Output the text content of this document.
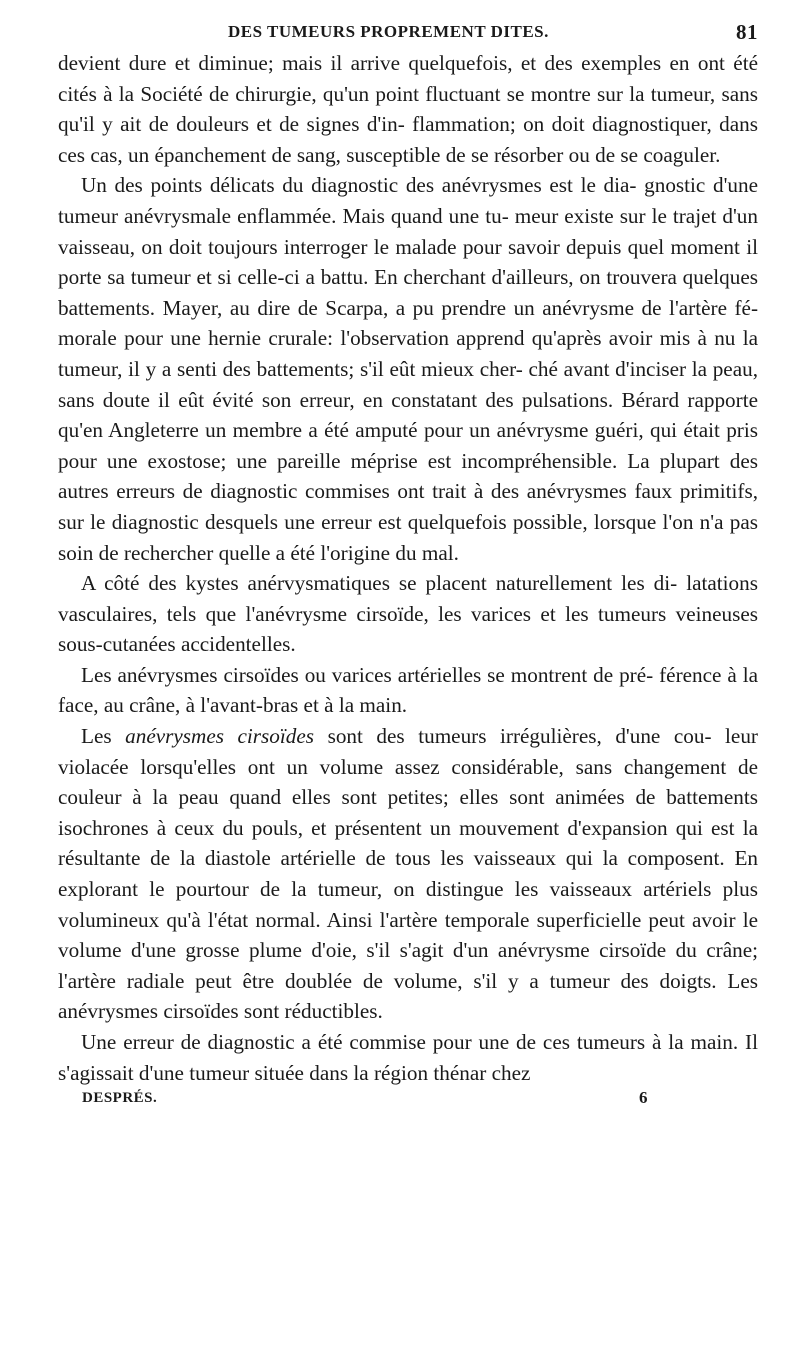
DES TUMEURS PROPREMENT DITES.	81

devient dure et diminue; mais il arrive quelquefois, et des exemples en ont été cités à la Société de chirurgie, qu'un point fluctuant se montre sur la tumeur, sans qu'il y ait de douleurs et de signes d'in- flammation; on doit diagnostiquer, dans ces cas, un épanchement de sang, susceptible de se résorber ou de se coaguler.

Un des points délicats du diagnostic des anévrysmes est le dia- gnostic d'une tumeur anévrysmale enflammée. Mais quand une tu- meur existe sur le trajet d'un vaisseau, on doit toujours interroger le malade pour savoir depuis quel moment il porte sa tumeur et si celle-ci a battu. En cherchant d'ailleurs, on trouvera quelques battements. Mayer, au dire de Scarpa, a pu prendre un anévrysme de l'artère fé- morale pour une hernie crurale: l'observation apprend qu'après avoir mis à nu la tumeur, il y a senti des battements; s'il eût mieux cher- ché avant d'inciser la peau, sans doute il eût évité son erreur, en constatant des pulsations. Bérard rapporte qu'en Angleterre un membre a été amputé pour un anévrysme guéri, qui était pris pour une exostose; une pareille méprise est incompréhensible. La plupart des autres erreurs de diagnostic commises ont trait à des anévrysmes faux primitifs, sur le diagnostic desquels une erreur est quelquefois possible, lorsque l'on n'a pas soin de rechercher quelle a été l'origine du mal.

A côté des kystes anérvysmatiques se placent naturellement les di- latations vasculaires, tels que l'anévrysme cirsoïde, les varices et les tumeurs veineuses sous-cutanées accidentelles.

Les anévrysmes cirsoïdes ou varices artérielles se montrent de pré- férence à la face, au crâne, à l'avant-bras et à la main.

Les anévrysmes cirsoïdes sont des tumeurs irrégulières, d'une cou- leur violacée lorsqu'elles ont un volume assez considérable, sans changement de couleur à la peau quand elles sont petites; elles sont animées de battements isochrones à ceux du pouls, et présentent un mouvement d'expansion qui est la résultante de la diastole artérielle de tous les vaisseaux qui la composent. En explorant le pourtour de la tumeur, on distingue les vaisseaux artériels plus volumineux qu'à l'état normal. Ainsi l'artère temporale superficielle peut avoir le volume d'une grosse plume d'oie, s'il s'agit d'un anévrysme cirsoïde du crâne; l'artère radiale peut être doublée de volume, s'il y a tumeur des doigts. Les anévrysmes cirsoïdes sont réductibles.

Une erreur de diagnostic a été commise pour une de ces tumeurs à la main. Il s'agissait d'une tumeur située dans la région thénar chez

DESPRÉS.	6
